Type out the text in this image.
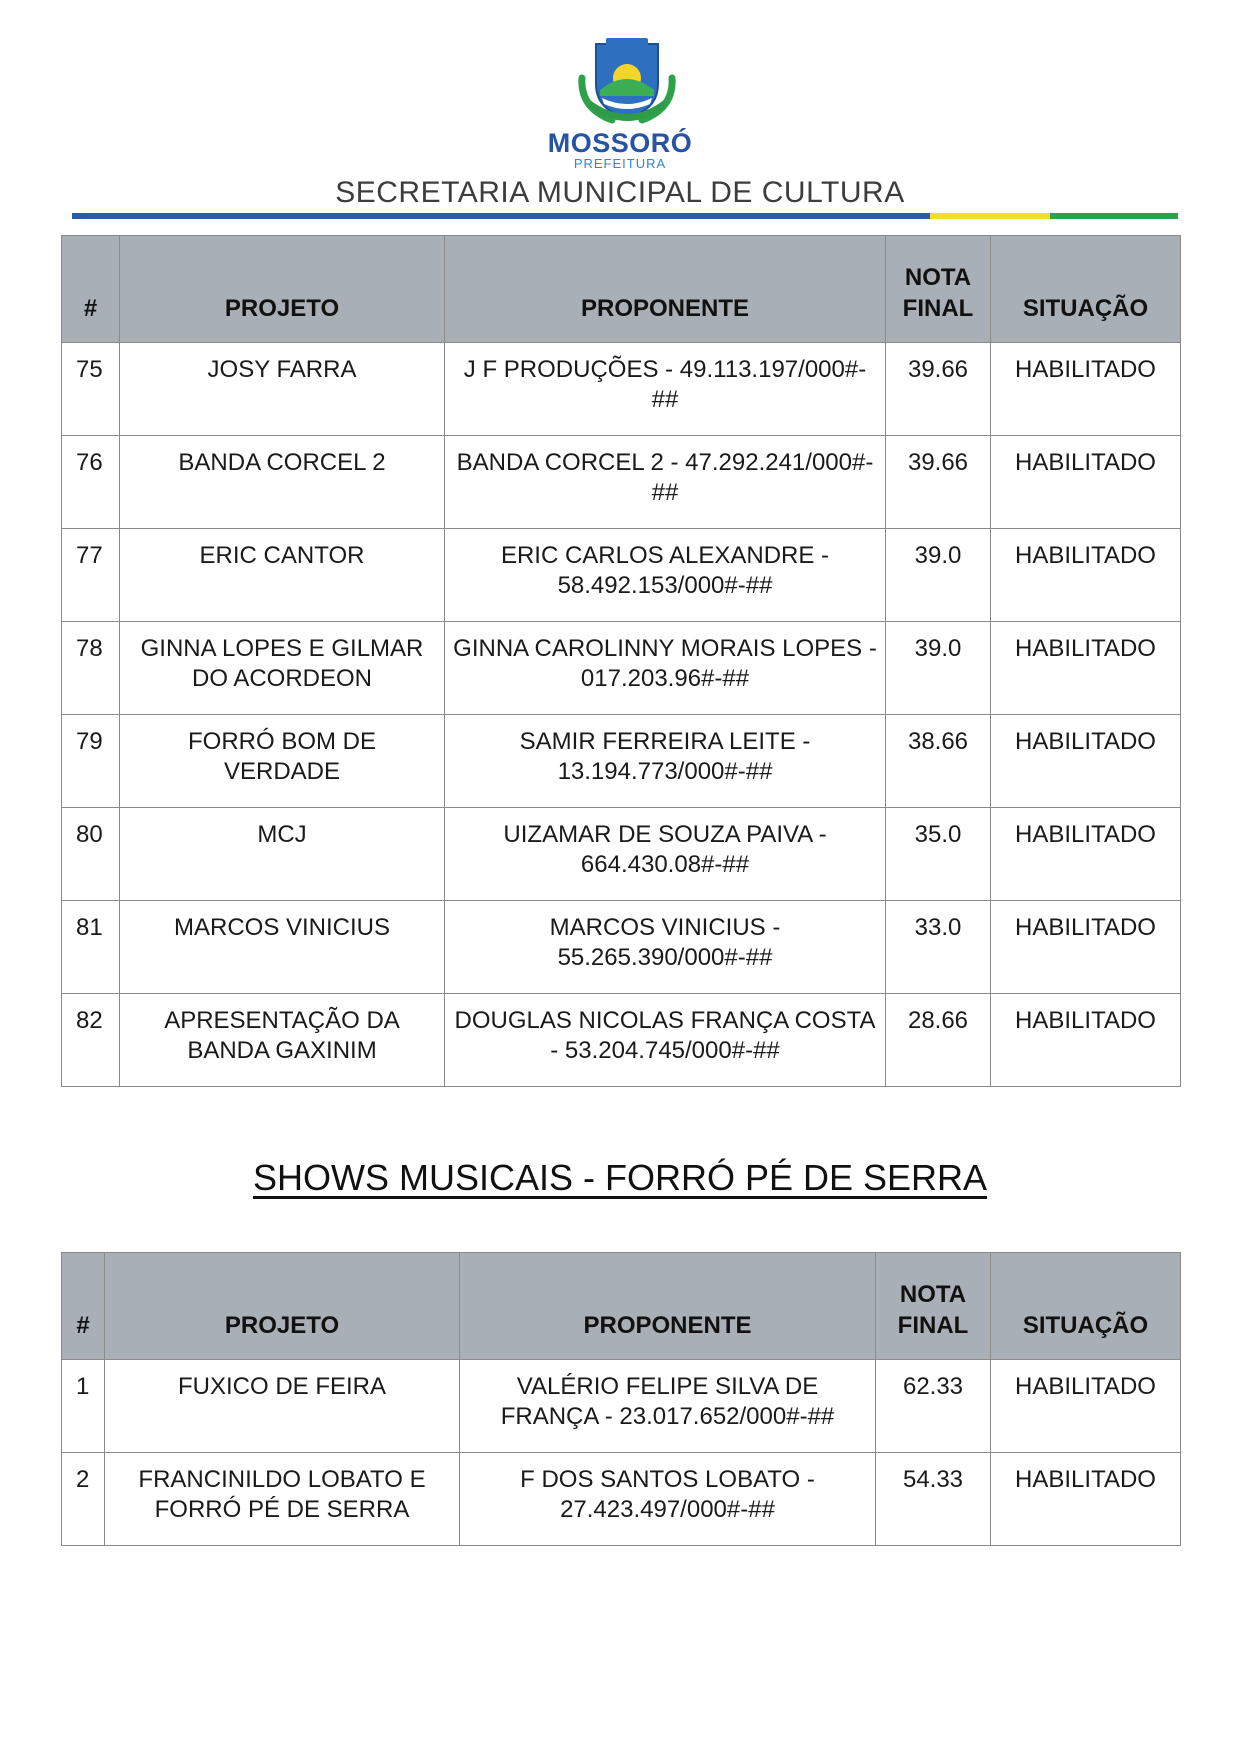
MOSSORÓ
PREFEITURA
SECRETARIA MUNICIPAL DE CULTURA
#	PROJETO	PROPONENTE	NOTA FINAL	SITUAÇÃO
75	JOSY FARRA	J F PRODUÇÕES - 49.113.197/000#-##	39.66	HABILITADO
76	BANDA CORCEL 2	BANDA CORCEL 2 - 47.292.241/000#-##	39.66	HABILITADO
77	ERIC CANTOR	ERIC CARLOS ALEXANDRE - 58.492.153/000#-##	39.0	HABILITADO
78	GINNA LOPES E GILMAR DO ACORDEON	GINNA CAROLINNY MORAIS LOPES - 017.203.96#-##	39.0	HABILITADO
79	FORRÓ BOM DE VERDADE	SAMIR FERREIRA LEITE - 13.194.773/000#-##	38.66	HABILITADO
80	MCJ	UIZAMAR DE SOUZA PAIVA - 664.430.08#-##	35.0	HABILITADO
81	MARCOS VINICIUS	MARCOS VINICIUS - 55.265.390/000#-##	33.0	HABILITADO
82	APRESENTAÇÃO DA BANDA GAXINIM	DOUGLAS NICOLAS FRANÇA COSTA - 53.204.745/000#-##	28.66	HABILITADO
SHOWS MUSICAIS - FORRÓ PÉ DE SERRA
#	PROJETO	PROPONENTE	NOTA FINAL	SITUAÇÃO
1	FUXICO DE FEIRA	VALÉRIO FELIPE SILVA DE FRANÇA - 23.017.652/000#-##	62.33	HABILITADO
2	FRANCINILDO LOBATO E FORRÓ PÉ DE SERRA	F DOS SANTOS LOBATO - 27.423.497/000#-##	54.33	HABILITADO
